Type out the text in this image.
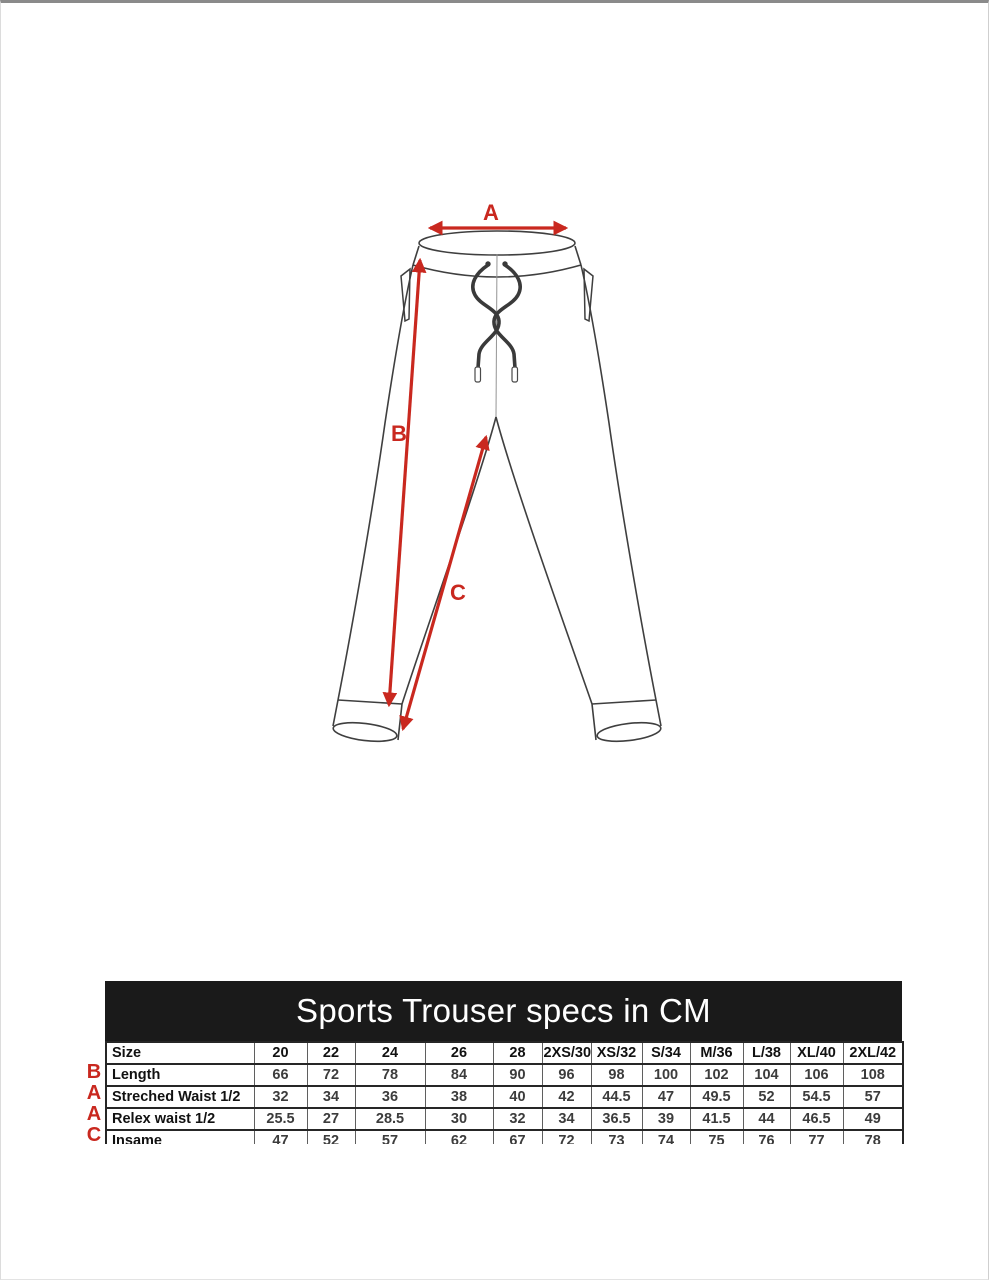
A
B
C
Sports Trouser specs in CM
Size	20	22	24	26	28	2XS/30	XS/32	S/34	M/36	L/38	XL/40	2XL/42
Length	66	72	78	84	90	96	98	100	102	104	106	108
Streched Waist 1/2	32	34	36	38	40	42	44.5	47	49.5	52	54.5	57
Relex waist 1/2	25.5	27	28.5	30	32	34	36.5	39	41.5	44	46.5	49
Insame	47	52	57	62	67	72	73	74	75	76	77	78
B
A
A
C
